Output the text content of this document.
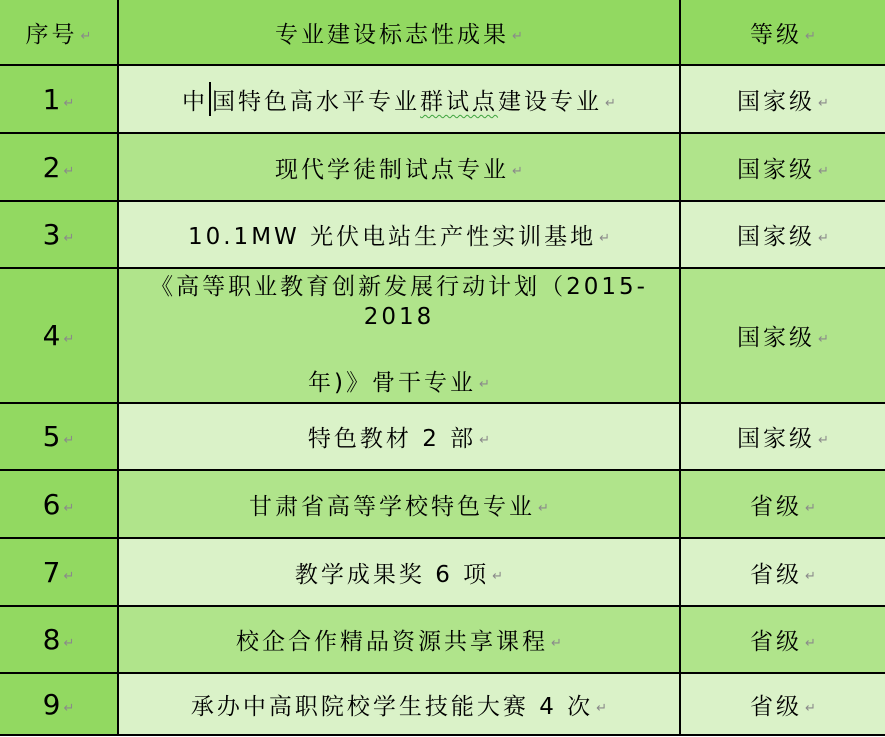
序号 ↵	专业建设标志性成果 ↵	等级 ↵
1 ↵	中 国特色高水平专业群试点建设专业 ↵	国家级 ↵
2 ↵	现代学徒制试点专业 ↵	国家级 ↵
3 ↵	10.1MW 光伏电站生产性实训基地 ↵	国家级 ↵
4 ↵	《高等职业教育创新发展行动计划（2015-2018
年)》骨干专业 ↵	国家级 ↵
5 ↵	特色教材 2 部 ↵	国家级 ↵
6 ↵	甘肃省高等学校特色专业 ↵	省级 ↵
7 ↵	教学成果奖 6 项 ↵	省级 ↵
8 ↵	校企合作精品资源共享课程 ↵	省级 ↵
9 ↵	承办中高职院校学生技能大赛 4 次 ↵	省级 ↵
